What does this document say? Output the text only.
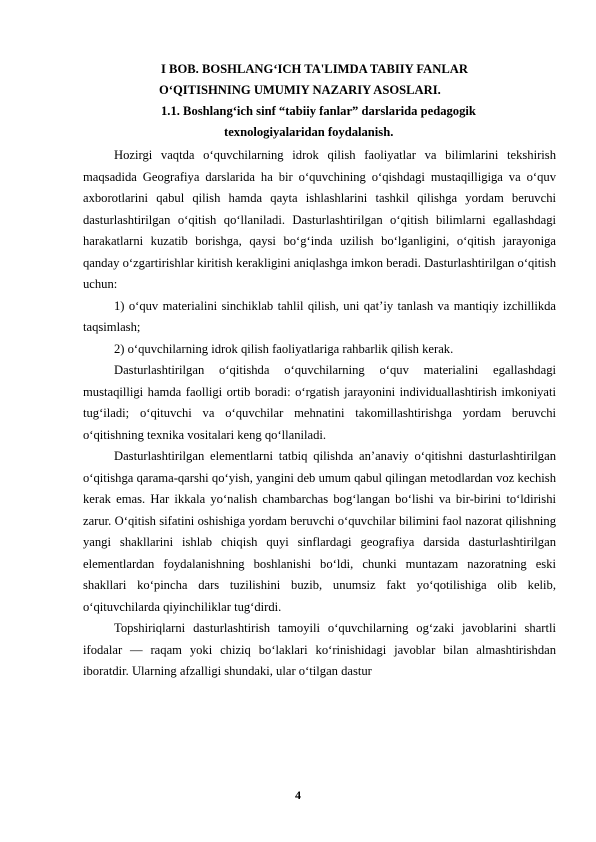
I BOB. BOSHLANG‘ICH TA'LIMDA TABIIY FANLAR
O‘QITISHNING UMUMIY NAZARIY ASOSLARI.
1.1. Boshlang‘ich sinf “tabiiy fanlar” darslarida pedagogik
texnologiyalaridan foydalanish.

Hozirgi vaqtda o‘quvchilarning idrok qilish faoliyatlar va bilimlarini tekshirish maqsadida Geografiya darslarida ha bir o‘quvchining o‘qishdagi mustaqilligiga va o‘quv axborotlarini qabul qilish hamda qayta ishlashlarini tashkil qilishga yordam beruvchi dasturlashtirilgan o‘qitish qo‘llaniladi. Dasturlashtirilgan o‘qitish bilimlarni egallashdagi harakatlarni kuzatib borishga, qaysi bo‘g‘inda uzilish bo‘lganligini, o‘qitish jarayoniga qanday o‘zgartirishlar kiritish kerakligini aniqlashga imkon beradi. Dasturlashtirilgan o‘qitish uchun:

1) o‘quv materialini sinchiklab tahlil qilish, uni qat’iy tanlash va mantiqiy izchillikda taqsimlash;

2) o‘quvchilarning idrok qilish faoliyatlariga rahbarlik qilish kerak.

Dasturlashtirilgan o‘qitishda o‘quvchilarning o‘quv materialini egallashdagi mustaqilligi hamda faolligi ortib boradi: o‘rgatish jarayonini individuallashtirish imkoniyati tug‘iladi; o‘qituvchi va o‘quvchilar mehnatini takomillashtirishga yordam beruvchi o‘qitishning texnika vositalari keng qo‘llaniladi.

Dasturlashtirilgan elementlarni tatbiq qilishda an’anaviy o‘qitishni dasturlashtirilgan o‘qitishga qarama-qarshi qo‘yish, yangini deb umum qabul qilingan metodlardan voz kechish kerak emas. Har ikkala yo‘nalish chambarchas bog‘langan bo‘lishi va bir-birini to‘ldirishi zarur. O‘qitish sifatini oshishiga yordam beruvchi o‘quvchilar bilimini faol nazorat qilishning yangi shakllarini ishlab chiqish quyi sinflardagi geografiya darsida dasturlashtirilgan elementlardan foydalanishning boshlanishi bo‘ldi, chunki muntazam nazoratning eski shakllari ko‘pincha dars tuzilishini buzib, unumsiz fakt yo‘qotilishiga olib kelib, o‘qituvchilarda qiyinchiliklar tug‘dirdi.

Topshiriqlarni dasturlashtirish tamoyili o‘quvchilarning og‘zaki javoblarini shartli ifodalar — raqam yoki chiziq bo‘laklari ko‘rinishidagi javoblar bilan almashtirishdan iboratdir. Ularning afzalligi shundaki, ular o‘tilgan dastur

4
